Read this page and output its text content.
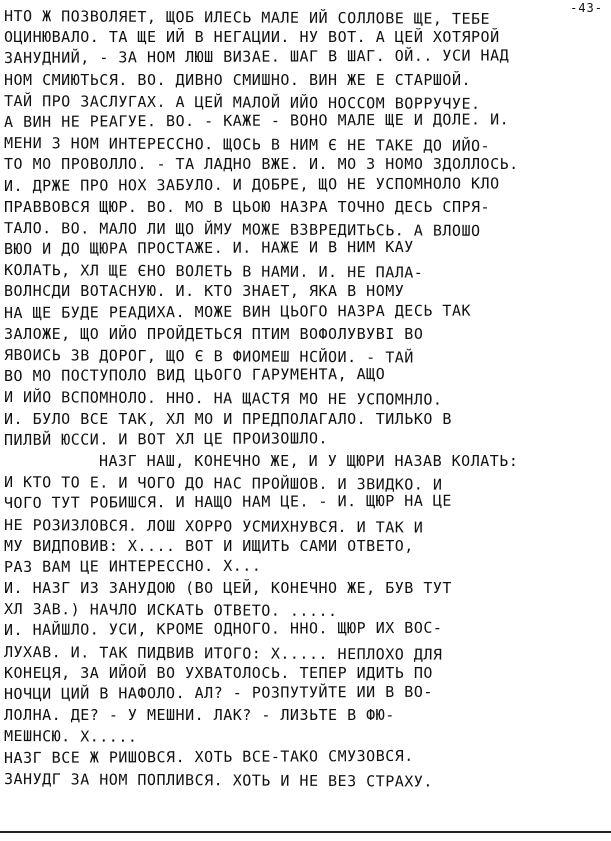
-43-
НТО Ж ПОЗВОЛЯЕТ, ЩОБ ИЛЕСЬ МАЛЕ ИЙ СОЛЛОВЕ ЩЕ, ТЕБЕ
ОЦИНЮВАЛО. ТА ЩЕ ИЙ В НЕГАЦИИ. НУ ВОТ. А ЦЕЙ ХОТЯРОЙ
ЗАНУДНИЙ, - ЗА НОМ ЛЮШ ВИЗАЕ. ШАГ В ШАГ. ОЙ.. УСИ НАД
НОМ СМИЮТЬСЯ. ВО. ДИВНО СМИШНО. ВИН ЖЕ Е СТАРШОЙ.
ТАЙ ПРО ЗАСЛУГАХ. А ЦЕЙ МАЛОЙ ИЙО НОССОМ ВОРРУЧУЕ.
А ВИН НЕ РЕАГУЕ. ВО. - КАЖЕ - ВОНО МАЛЕ ЩЕ И ДОЛЕ. И.
МЕНИ З НОМ ИНТЕРЕССНО. ЩОСЬ В НИМ Є НЕ ТАКЕ ДО ИЙО-
ТО МО ПРОВОЛЛО. - ТА ЛАДНО ВЖЕ. И. МО З НОМО ЗДОЛЛОСЬ.
И. ДРЖЕ ПРО НОХ ЗАБУЛО. И ДОБРЕ, ЩО НЕ УСПОМНОЛО КЛО
ПРАВВОВСЯ ЩЮР. ВО. МО В ЦЬОЮ НАЗРА ТОЧНО ДЕСЬ СПРЯ-
ТАЛО. ВО. МАЛО ЛИ ЩО ЙМУ МОЖЕ ВЗВРЕДИТЬСЬ. А ВЛОШО
ВЮО И ДО ЩЮРА ПРОСТАЖЕ. И. НАЖЕ И В НИМ КАУ
КОЛАТЬ, ХЛ ЩЕ ЄНО ВОЛЕТЬ В НАМИ. И. НЕ ПАЛА-
ВОЛНСДИ ВОТАСНУЮ. И. КТО ЗНАЕТ, ЯКА В НОМУ
НА ЩЕ БУДЕ РЕАДИХА. МОЖЕ ВИН ЦЬОГО НАЗРА ДЕСЬ ТАК
ЗАЛОЖЕ, ЩО ИЙО ПРОЙДЕТЬСЯ ПТИМ ВОФОЛУВУВІ ВО
ЯВОИСЬ ЗВ ДОРОГ, ЩО Є В ФИОМЕШ НСЙОИ. - ТАЙ
ВО МО ПОСТУПОЛО ВИД ЦЬОГО ГАРУМЕНТА, АЩО
И ИЙО ВСПОМНОЛО. ННО. НА ЩАСТЯ МО НЕ УСПОМНЛО.
И. БУЛО ВСЕ ТАК, ХЛ МО И ПРЕДПОЛАГАЛО. ТИЛЬКО В
ПИЛВЙ ЮССИ. И ВОТ ХЛ ЦЕ ПРОИЗОШЛО.
НАЗГ НАШ, КОНЕЧНО ЖЕ, И У ЩЮРИ НАЗАВ КОЛАТЬ:
И КТО ТО Е. И ЧОГО ДО НАС ПРОЙШОВ. И ЗВИДКО. И
ЧОГО ТУТ РОБИШСЯ. И НАЩО НАМ ЦЕ. - И. ЩЮР НА ЦЕ
НЕ РОЗИЗЛОВСЯ. ЛОШ ХОРРО УСМИХНУВСЯ. И ТАК И
МУ ВИДПОВИВ: Х.... ВОТ И ИЩИТЬ САМИ ОТВЕТО,
РАЗ ВАМ ЦЕ ИНТЕРЕССНО. Х...
И. НАЗГ ИЗ ЗАНУДОЮ (ВО ЦЕЙ, КОНЕЧНО ЖЕ, БУВ ТУТ
ХЛ ЗАВ.) НАЧЛО ИСКАТЬ ОТВЕТО. .....
И. НАЙШЛО. УСИ, КРОМЕ ОДНОГО. ННО. ЩЮР ИХ ВОС-
ЛУХАВ. И. ТАК ПИДВИВ ИТОГО: Х..... НЕПЛОХО ДЛЯ
КОНЕЦЯ, ЗА ИЙОЙ ВО УХВАТОЛОСЬ. ТЕПЕР ИДИТЬ ПО
НОЧЦИ ЦИЙ В НАФОЛО. АЛ? - РОЗПУТУЙТЕ ИИ В ВО-
ЛОЛНА. ДЕ? - У МЕШНИ. ЛАК? - ЛИЗЬТЕ В ФЮ-
МЕШНСЮ. Х.....
НАЗГ ВСЕ Ж РИШОВСЯ. ХОТЬ ВСЕ-ТАКО СМУЗОВСЯ.
ЗАНУДГ ЗА НОМ ПОПЛИВСЯ. ХОТЬ И НЕ ВЕЗ СТРАХУ.
